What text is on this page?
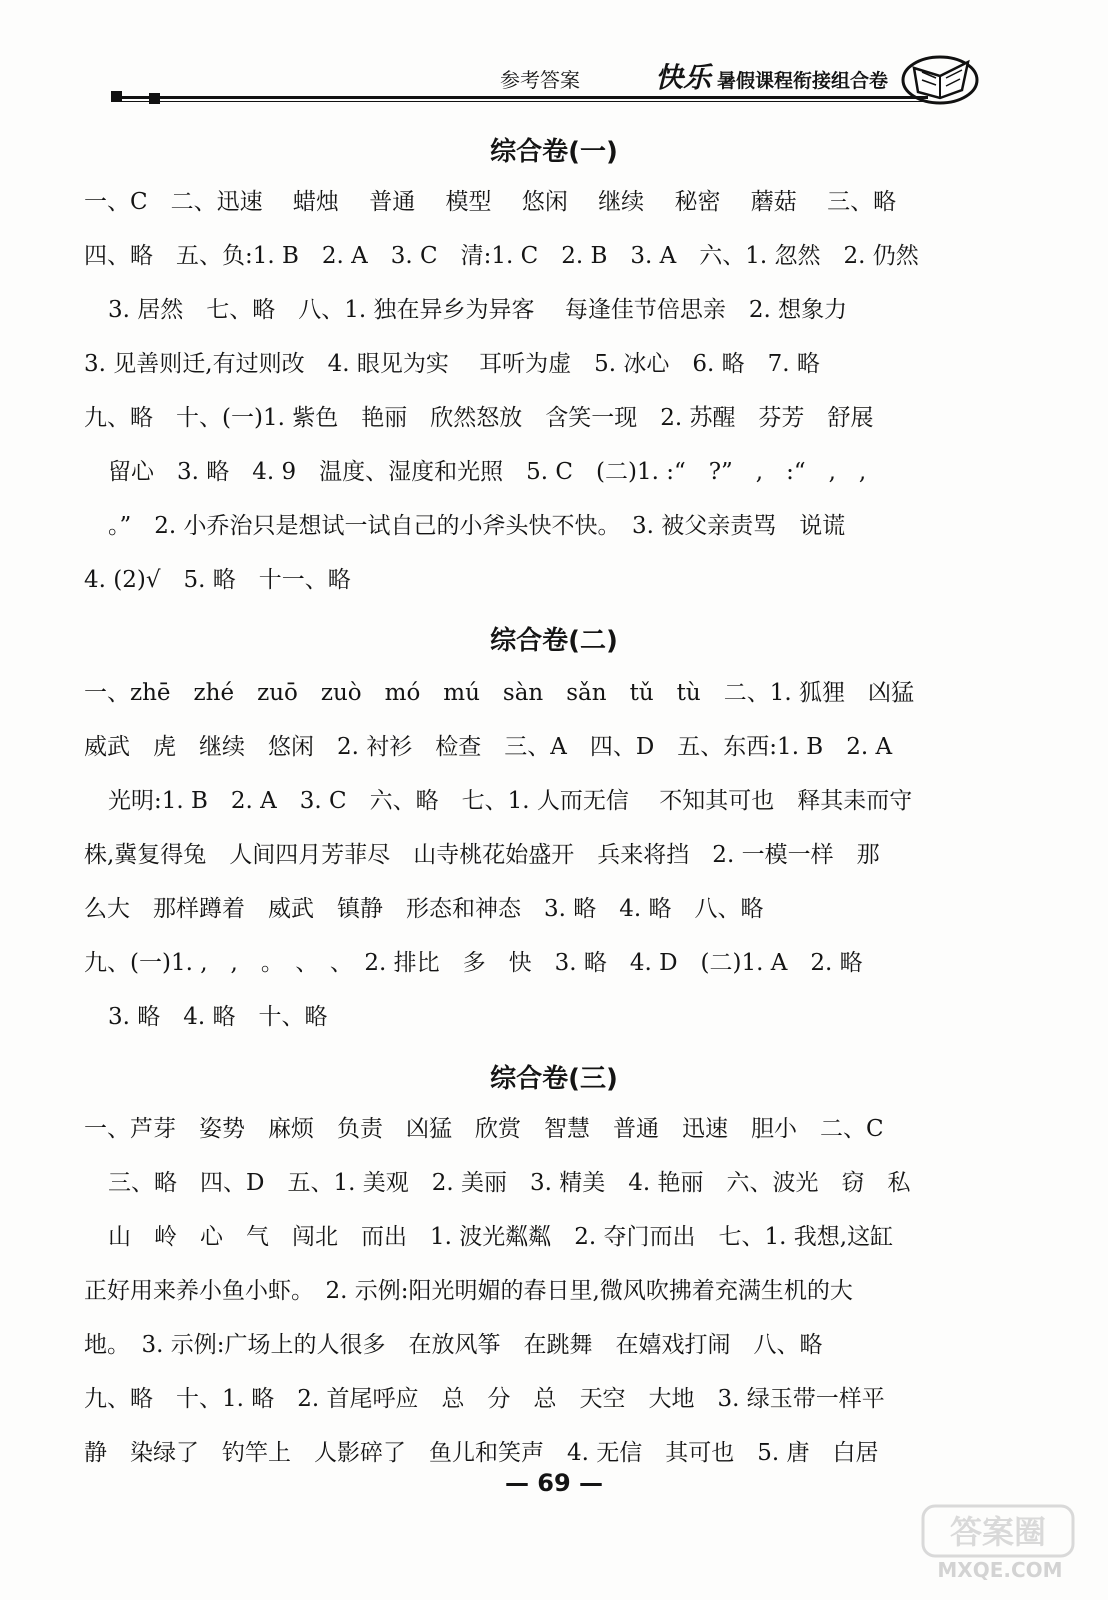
参考答案	快乐 暑假课程衔接组合卷
综合卷(一)
一、C　二、迅速　 蜡烛　 普通　 模型　 悠闲　 继续　 秘密　 蘑菇　 三、略
四、略　五、负:1. B　2. A　3. C　清:1. C　2. B　3. A　六、1. 忽然　2. 仍然
3. 居然　七、略　八、1. 独在异乡为异客　 每逢佳节倍思亲　2. 想象力
3. 见善则迁,有过则改　4. 眼见为实　 耳听为虚　5. 冰心　6. 略　7. 略
九、略　十、(一)1. 紫色　艳丽　欣然怒放　含笑一现　2. 苏醒　芬芳　舒展
留心　3. 略　4. 9　温度、湿度和光照　5. C　(二)1. :“　?”　,　:“　,　,
。”　2. 小乔治只是想试一试自己的小斧头快不快。　3. 被父亲责骂　说谎
4. (2)√　5. 略　十一、略
综合卷(二)
一、zhē　zhé　zuō　zuò　mó　mú　sàn　sǎn　tǔ　tù　二、1. 狐狸　凶猛
威武　虎　继续　悠闲　2. 衬衫　检查　三、A　四、D　五、东西:1. B　2. A
光明:1. B　2. A　3. C　六、略　七、1. 人而无信　 不知其可也　释其耒而守
株,冀复得兔　人间四月芳菲尽　山寺桃花始盛开　兵来将挡　2. 一模一样　那
么大　那样蹲着　威武　镇静　形态和神态　3. 略　4. 略　八、略
九、(一)1. ,　,　。　、　、　2. 排比　多　快　3. 略　4. D　(二)1. A　2. 略
3. 略　4. 略　十、略
综合卷(三)
一、芦芽　姿势　麻烦　负责　凶猛　欣赏　智慧　普通　迅速　胆小　二、C
三、略　四、D　五、1. 美观　2. 美丽　3. 精美　4. 艳丽　六、波光　窃　私
山　岭　心　气　闯北　而出　1. 波光粼粼　2. 夺门而出　七、1. 我想,这缸
正好用来养小鱼小虾。　2. 示例:阳光明媚的春日里,微风吹拂着充满生机的大
地。　3. 示例:广场上的人很多　在放风筝　在跳舞　在嬉戏打闹　八、略
九、略　十、1. 略　2. 首尾呼应　总　分　总　天空　大地　3. 绿玉带一样平
静　染绿了　钓竿上　人影碎了　鱼儿和笑声　4. 无信　其可也　5. 唐　白居
— 69 —
答案圈
MXQE.COM
